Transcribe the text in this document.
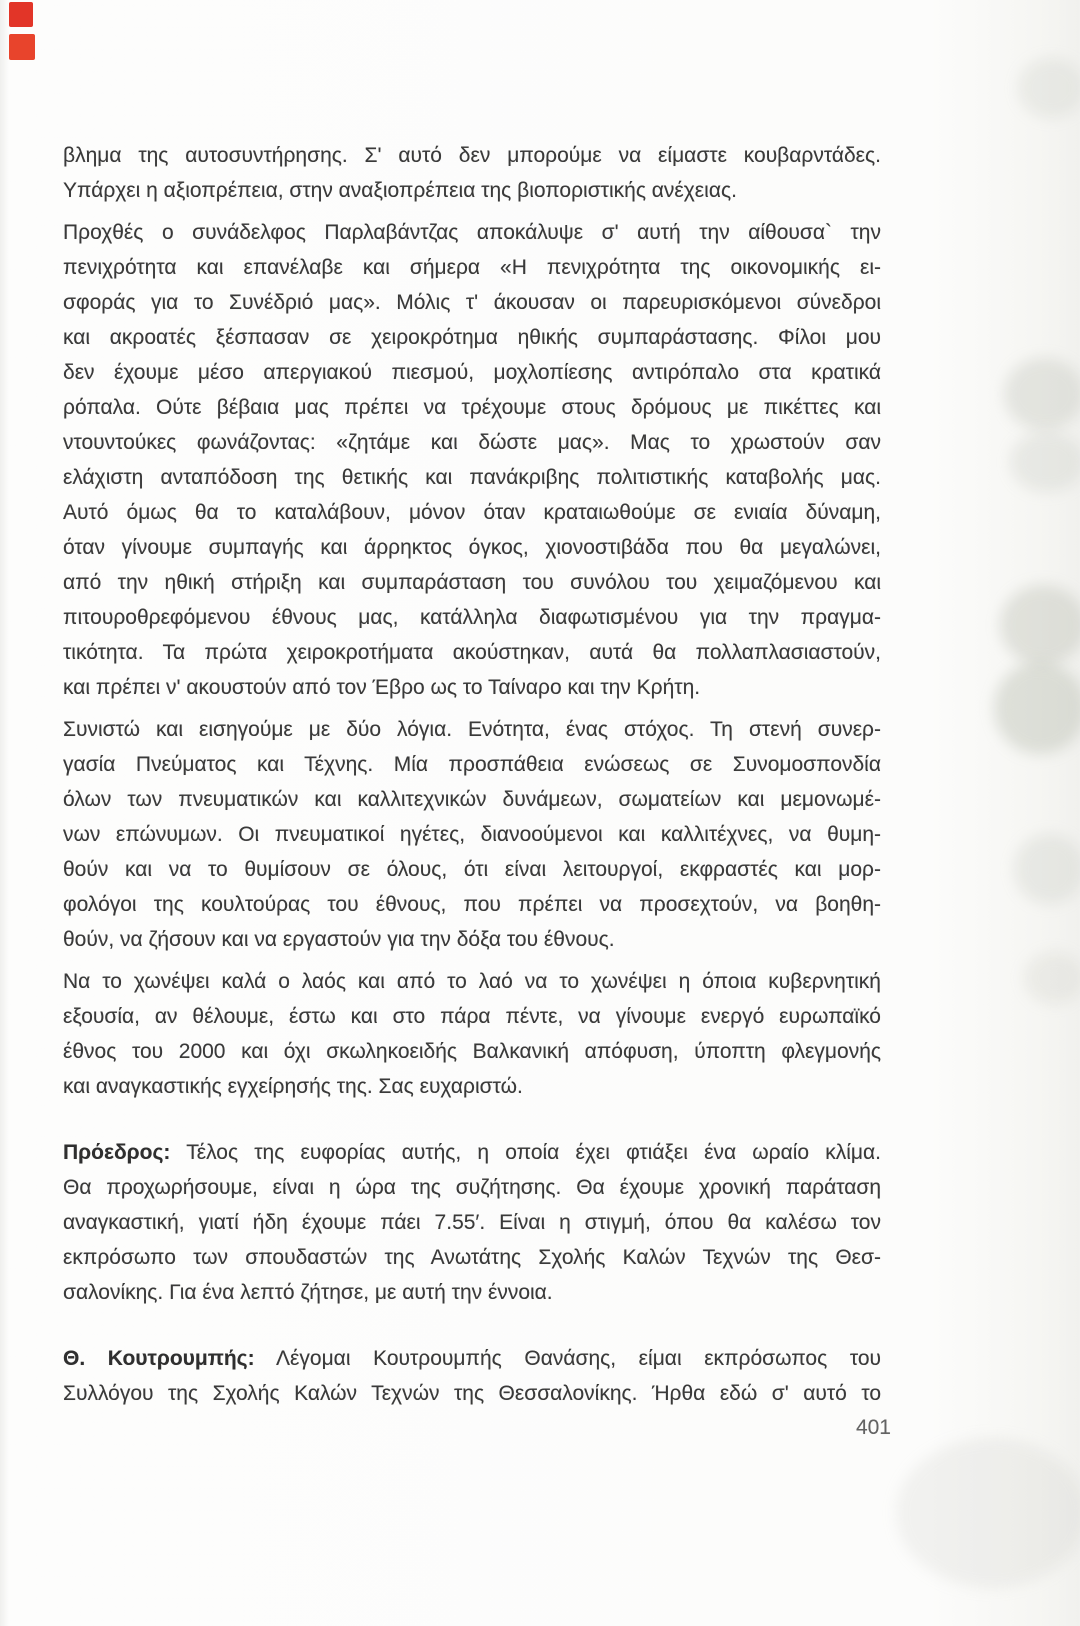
βλημα της αυτοσυντήρησης. Σ' αυτό δεν μπορούμε να είμαστε κουβαρντάδες.
Υπάρχει η αξιοπρέπεια, στην αναξιοπρέπεια της βιοποριστικής ανέχειας.
Προχθές ο συνάδελφος Παρλαβάντζας αποκάλυψε σ' αυτή την αίθουσα` την
πενιχρότητα και επανέλαβε και σήμερα «Η πενιχρότητα της οικονομικής ει-
σφοράς για το Συνέδριό μας». Μόλις τ' άκουσαν οι παρευρισκόμενοι σύνεδροι
και ακροατές ξέσπασαν σε χειροκρότημα ηθικής συμπαράστασης. Φίλοι μου
δεν έχουμε μέσο απεργιακού πιεσμού, μοχλοπίεσης αντιρόπαλο στα κρατικά
ρόπαλα. Ούτε βέβαια μας πρέπει να τρέχουμε στους δρόμους με πικέττες και
ντουντούκες φωνάζοντας: «ζητάμε και δώστε μας». Μας το χρωστούν σαν
ελάχιστη ανταπόδοση της θετικής και πανάκριβης πολιτιστικής καταβολής μας.
Αυτό όμως θα το καταλάβουν, μόνον όταν κραταιωθούμε σε ενιαία δύναμη,
όταν γίνουμε συμπαγής και άρρηκτος όγκος, χιονοστιβάδα που θα μεγαλώνει,
από την ηθική στήριξη και συμπαράσταση του συνόλου του χειμαζόμενου και
πιτουροθρεφόμενου έθνους μας, κατάλληλα διαφωτισμένου για την πραγμα-
τικότητα. Τα πρώτα χειροκροτήματα ακούστηκαν, αυτά θα πολλαπλασιαστούν,
και πρέπει ν' ακουστούν από τον Έβρο ως το Ταίναρο και την Κρήτη.
Συνιστώ και εισηγούμε με δύο λόγια. Ενότητα, ένας στόχος. Τη στενή συνερ-
γασία Πνεύματος και Τέχνης. Μία προσπάθεια ενώσεως σε Συνομοσπονδία
όλων των πνευματικών και καλλιτεχνικών δυνάμεων, σωματείων και μεμονωμέ-
νων επώνυμων. Οι πνευματικοί ηγέτες, διανοούμενοι και καλλιτέχνες, να θυμη-
θούν και να το θυμίσουν σε όλους, ότι είναι λειτουργοί, εκφραστές και μορ-
φολόγοι της κουλτούρας του έθνους, που πρέπει να προσεχτούν, να βοηθη-
θούν, να ζήσουν και να εργαστούν για την δόξα του έθνους.
Να το χωνέψει καλά ο λαός και από το λαό να το χωνέψει η όποια κυβερνητική
εξουσία, αν θέλουμε, έστω και στο πάρα πέντε, να γίνουμε ενεργό ευρωπαϊκό
έθνος του 2000 και όχι σκωληκοειδής Βαλκανική απόφυση, ύποπτη φλεγμονής
και αναγκαστικής εγχείρησής της. Σας ευχαριστώ.
Πρόεδρος: Τέλος της ευφορίας αυτής, η οποία έχει φτιάξει ένα ωραίο κλίμα.
Θα προχωρήσουμε, είναι η ώρα της συζήτησης. Θα έχουμε χρονική παράταση
αναγκαστική, γιατί ήδη έχουμε πάει 7.55′. Είναι η στιγμή, όπου θα καλέσω τον
εκπρόσωπο των σπουδαστών της Ανωτάτης Σχολής Καλών Τεχνών της Θεσ-
σαλονίκης. Για ένα λεπτό ζήτησε, με αυτή την έννοια.
Θ. Κουτρουμπής: Λέγομαι Κουτρουμπής Θανάσης, είμαι εκπρόσωπος του
Συλλόγου της Σχολής Καλών Τεχνών της Θεσσαλονίκης. Ήρθα εδώ σ' αυτό το
401
